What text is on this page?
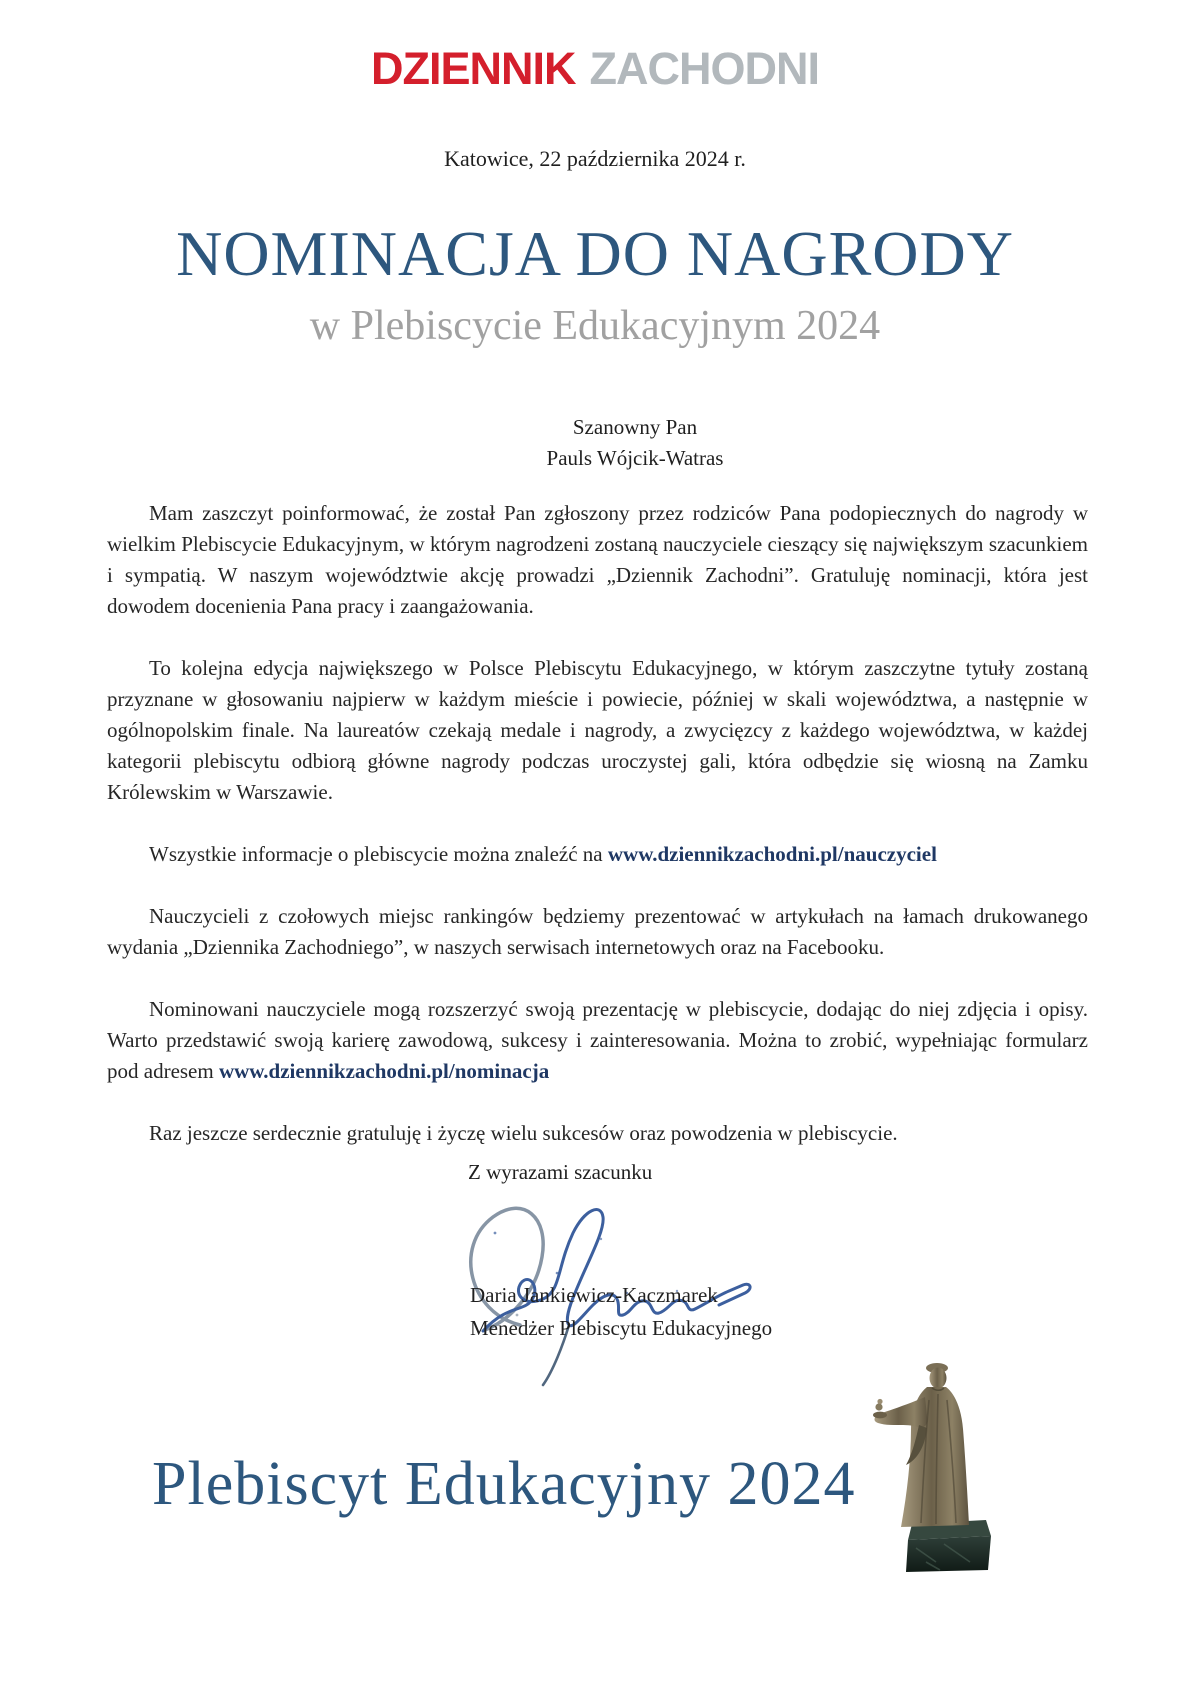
DZIENNIK ZACHODNI
Katowice, 22 października 2024 r.
NOMINACJA DO NAGRODY
w Plebiscycie Edukacyjnym 2024
Szanowny Pan
Pauls Wójcik-Watras

Mam zaszczyt poinformować, że został Pan zgłoszony przez rodziców Pana podopiecznych do nagrody w wielkim Plebiscycie Edukacyjnym, w którym nagrodzeni zostaną nauczyciele cieszący się największym szacunkiem i sympatią. W naszym województwie akcję prowadzi „Dziennik Zachodni”. Gratuluję nominacji, która jest dowodem docenienia Pana pracy i zaangażowania.

To kolejna edycja największego w Polsce Plebiscytu Edukacyjnego, w którym zaszczytne tytuły zostaną przyznane w głosowaniu najpierw w każdym mieście i powiecie, później w skali województwa, a następnie w ogólnopolskim finale. Na laureatów czekają medale i nagrody, a zwycięzcy z każdego województwa, w każdej kategorii plebiscytu odbiorą główne nagrody podczas uroczystej gali, która odbędzie się wiosną na Zamku Królewskim w Warszawie.

Wszystkie informacje o plebiscycie można znaleźć na www.dziennikzachodni.pl/nauczyciel

Nauczycieli z czołowych miejsc rankingów będziemy prezentować w artykułach na łamach drukowanego wydania „Dziennika Zachodniego”, w naszych serwisach internetowych oraz na Facebooku.

Nominowani nauczyciele mogą rozszerzyć swoją prezentację w plebiscycie, dodając do niej zdjęcia i opisy. Warto przedstawić swoją karierę zawodową, sukcesy i zainteresowania. Można to zrobić, wypełniając formularz pod adresem www.dziennikzachodni.pl/nominacja

Raz jeszcze serdecznie gratuluję i życzę wielu sukcesów oraz powodzenia w plebiscycie.

Z wyrazami szacunku
Daria Jankiewicz-Kaczmarek
Menedżer Plebiscytu Edukacyjnego
Plebiscyt Edukacyjny 2024
